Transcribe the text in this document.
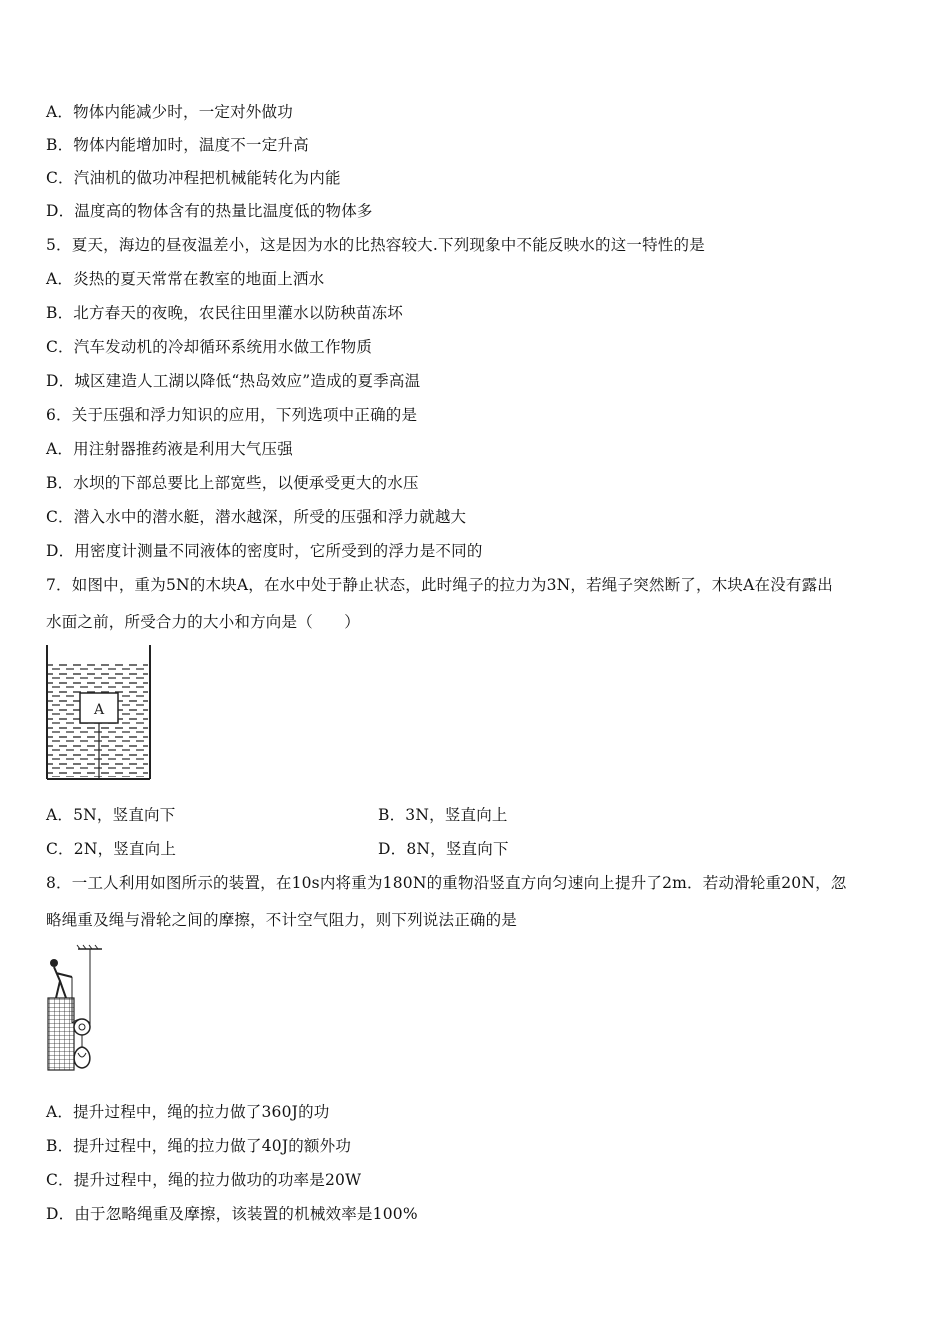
A．物体内能减少时，一定对外做功
B．物体内能增加时，温度不一定升高
C．汽油机的做功冲程把机械能转化为内能
D．温度高的物体含有的热量比温度低的物体多
5．夏天，海边的昼夜温差小，这是因为水的比热容较大.下列现象中不能反映水的这一特性的是
A．炎热的夏天常常在教室的地面上洒水
B．北方春天的夜晚，农民往田里灌水以防秧苗冻坏
C．汽车发动机的冷却循环系统用水做工作物质
D．城区建造人工湖以降低“热岛效应”造成的夏季高温
6．关于压强和浮力知识的应用，下列选项中正确的是
A．用注射器推药液是利用大气压强
B．水坝的下部总要比上部宽些，以便承受更大的水压
C．潜入水中的潜水艇，潜水越深，所受的压强和浮力就越大
D．用密度计测量不同液体的密度时，它所受到的浮力是不同的
7．如图中，重为5N的木块A，在水中处于静止状态，此时绳子的拉力为3N，若绳子突然断了，木块A在没有露出
水面之前，所受合力的大小和方向是（　　）
A
A．5N，竖直向下	B．3N，竖直向上
C．2N，竖直向上	D．8N，竖直向下
8．一工人利用如图所示的装置，在10s内将重为180N的重物沿竖直方向匀速向上提升了2m．若动滑轮重20N，忽
略绳重及绳与滑轮之间的摩擦，不计空气阻力，则下列说法正确的是
A．提升过程中，绳的拉力做了360J的功
B．提升过程中，绳的拉力做了40J的额外功
C．提升过程中，绳的拉力做功的功率是20W
D．由于忽略绳重及摩擦，该装置的机械效率是100%
